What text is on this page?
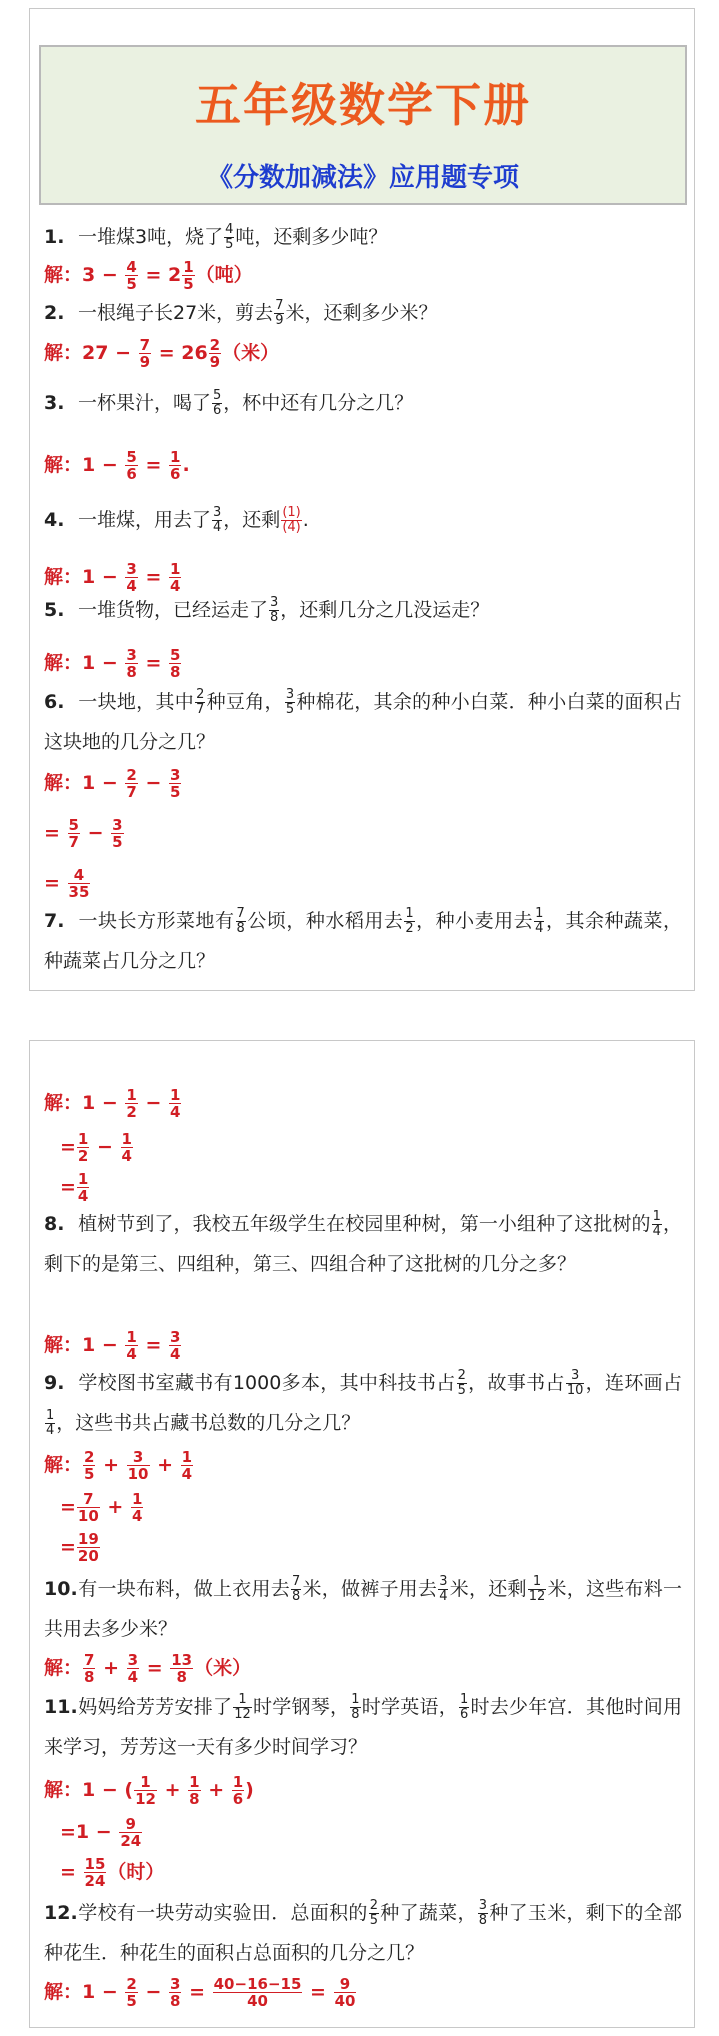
五年级数学下册
《分数加减法》应用题专项
1. 一堆煤3吨，烧了 $\frac{4}{5}$ 吨，还剩多少吨？
解：$3 - \frac{4}{5} = 2 \frac{1}{5}$ （吨）
2. 一根绳子长27米，剪去 $\frac{7}{9}$ 米，还剩多少米？
解：$27 - \frac{7}{9} = 26 \frac{2}{9}$ （米）
3. 一杯果汁，喝了 $\frac{5}{6}$ ，杯中还有几分之几？
解：$1 - \frac{5}{6} = \frac{1}{6}$ .
4. 一堆煤，用去了 $\frac{3}{4}$ ，还剩 $\frac{(1)}{(4)}$ .
解：$1 - \frac{3}{4} = \frac{1}{4}$
5. 一堆货物，已经运走了 $\frac{3}{8}$ ，还剩几分之几没运走？
解：$1 - \frac{3}{8} = \frac{5}{8}$
6. 一块地，其中 $\frac{2}{7}$ 种豆角， $\frac{3}{5}$ 种棉花，其余的种小白菜．种小白菜的面积占这块地的几分之几？
解：$1 - \frac{2}{7} - \frac{3}{5}$
= $\frac{5}{7} - \frac{3}{5}$
= $\frac{4}{35}$
7. 一块长方形菜地有 $\frac{7}{8}$ 公顷，种水稻用去 $\frac{1}{2}$ ，种小麦用去 $\frac{1}{4}$ ，其余种蔬菜，种蔬菜占几分之几？
解：$1 - \frac{1}{2} - \frac{1}{4}$
= $\frac{1}{2} - \frac{1}{4}$
= $\frac{1}{4}$
8. 植树节到了，我校五年级学生在校园里种树，第一小组种了这批树的 $\frac{1}{4}$ ，剩下的是第三、四组种，第三、四组合种了这批树的几分之多？
解：$1 - \frac{1}{4} = \frac{3}{4}$
9. 学校图书室藏书有1000多本，其中科技书占 $\frac{2}{5}$ ，故事书占 $\frac{3}{10}$ ，连环画占
$\frac{1}{4}$ ，这些书共占藏书总数的几分之几？
解： $\frac{2}{5} + \frac{3}{10} + \frac{1}{4}$
= $\frac{7}{10} + \frac{1}{4}$
= $\frac{19}{20}$
10.有一块布料，做上衣用去 $\frac{7}{8}$ 米，做裤子用去 $\frac{3}{4}$ 米，还剩 $\frac{1}{12}$ 米，这些布料一共用去多少米？
解： $\frac{7}{8} + \frac{3}{4} = \frac{13}{8}$ （米）
11.妈妈给芳芳安排了 $\frac{1}{12}$ 时学钢琴， $\frac{1}{8}$ 时学英语， $\frac{1}{6}$ 时去少年宫．其他时间用来学习，芳芳这一天有多少时间学习？
解：1 − ( $\frac{1}{12} + \frac{1}{8} + \frac{1}{6}$ )
$=1 - \frac{9}{24}$
= $\frac{15}{24}$ （时）
12.学校有一块劳动实验田．总面积的 $\frac{2}{5}$ 种了蔬菜， $\frac{3}{8}$ 种了玉米，剩下的全部种花生．种花生的面积占总面积的几分之几？
解：$1 - \frac{2}{5} - \frac{3}{8} = \frac{40-16-15}{40} = \frac{9}{40}$
